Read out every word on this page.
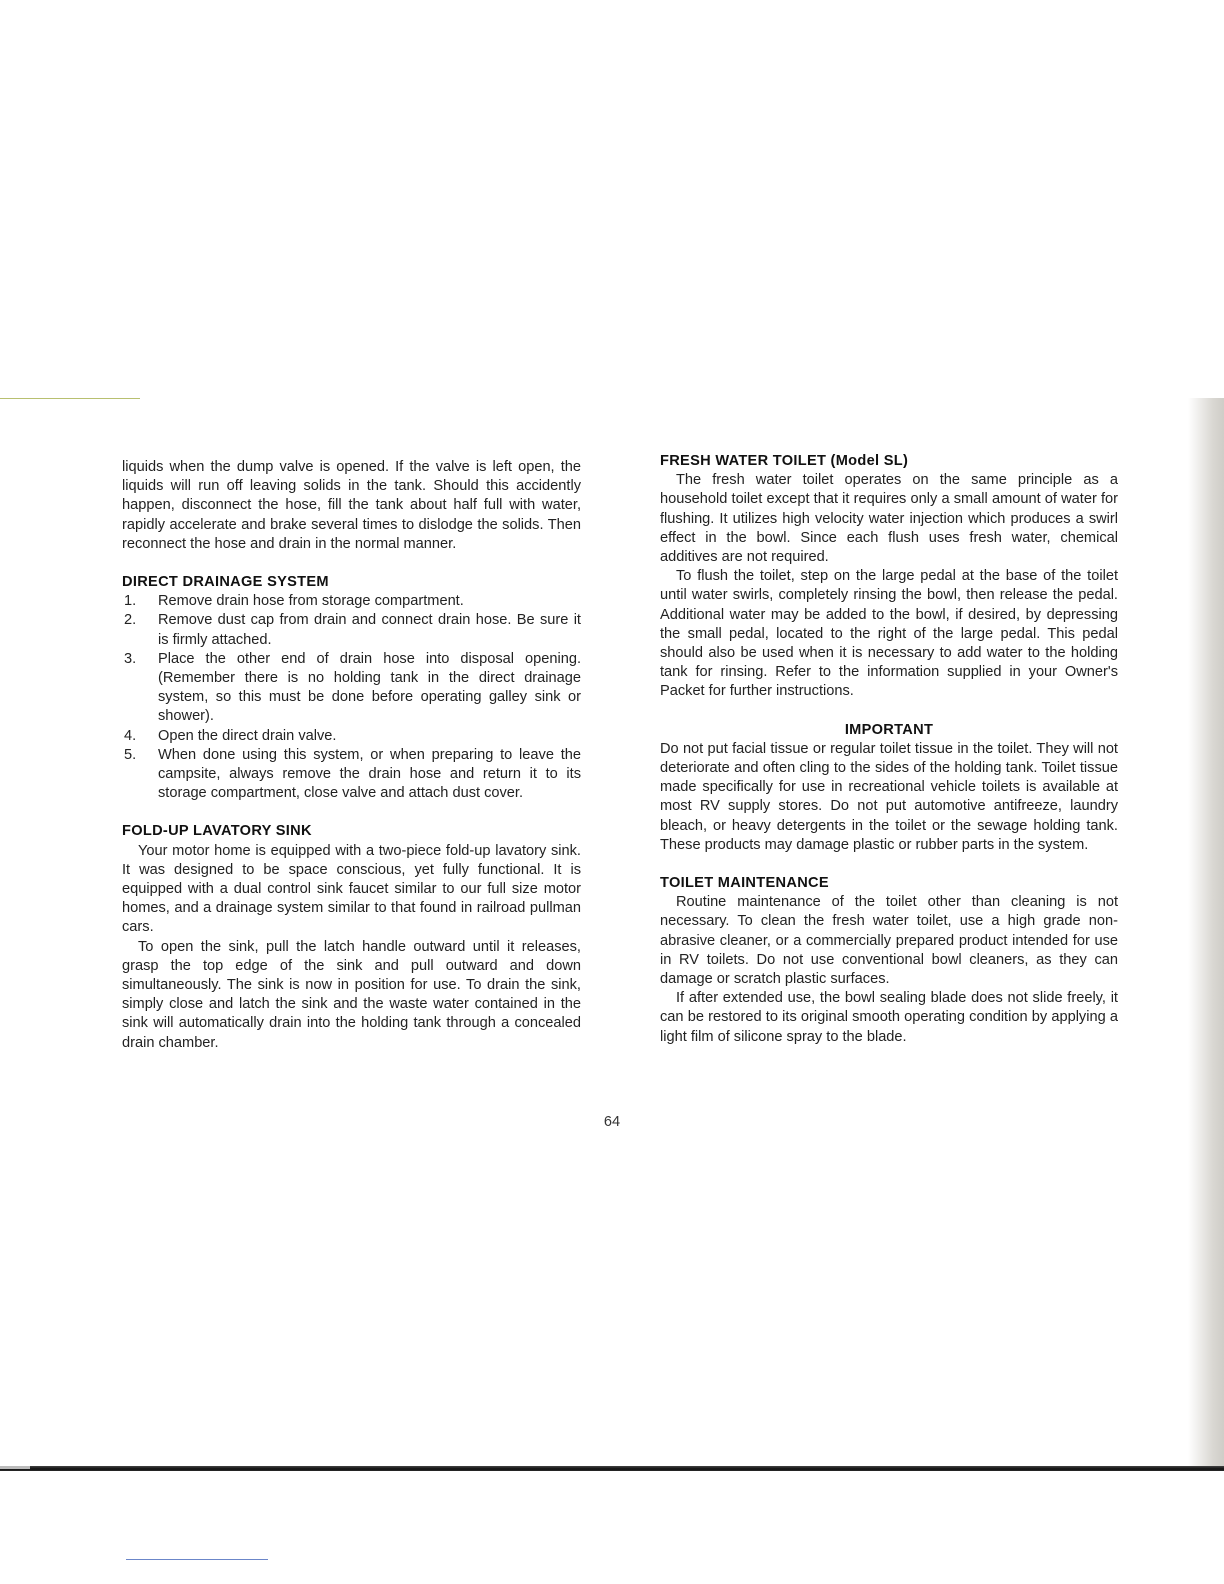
liquids when the dump valve is opened. If the valve is left open, the liquids will run off leaving solids in the tank. Should this accidently happen, disconnect the hose, fill the tank about half full with water, rapidly accelerate and brake several times to dislodge the solids. Then reconnect the hose and drain in the normal manner.

DIRECT DRAINAGE SYSTEM
1. Remove drain hose from storage compartment.
2. Remove dust cap from drain and connect drain hose. Be sure it is firmly attached.
3. Place the other end of drain hose into disposal opening. (Remember there is no holding tank in the direct drainage system, so this must be done before operating galley sink or shower).
4. Open the direct drain valve.
5. When done using this system, or when preparing to leave the campsite, always remove the drain hose and return it to its storage compartment, close valve and attach dust cover.
FOLD-UP LAVATORY SINK

Your motor home is equipped with a two-piece fold-up lavatory sink. It was designed to be space conscious, yet fully functional. It is equipped with a dual control sink faucet similar to our full size motor homes, and a drainage system similar to that found in railroad pullman cars.

To open the sink, pull the latch handle outward until it releases, grasp the top edge of the sink and pull outward and down simultaneously. The sink is now in position for use. To drain the sink, simply close and latch the sink and the waste water contained in the sink will automatically drain into the holding tank through a concealed drain chamber.

FRESH WATER TOILET (Model SL)

The fresh water toilet operates on the same principle as a household toilet except that it requires only a small amount of water for flushing. It utilizes high velocity water injection which produces a swirl effect in the bowl. Since each flush uses fresh water, chemical additives are not required.

To flush the toilet, step on the large pedal at the base of the toilet until water swirls, completely rinsing the bowl, then release the pedal. Additional water may be added to the bowl, if desired, by depressing the small pedal, located to the right of the large pedal. This pedal should also be used when it is necessary to add water to the holding tank for rinsing. Refer to the information supplied in your Owner's Packet for further instructions.

IMPORTANT

Do not put facial tissue or regular toilet tissue in the toilet. They will not deteriorate and often cling to the sides of the holding tank. Toilet tissue made specifically for use in recreational vehicle toilets is available at most RV supply stores. Do not put automotive antifreeze, laundry bleach, or heavy detergents in the toilet or the sewage holding tank. These products may damage plastic or rubber parts in the system.

TOILET MAINTENANCE

Routine maintenance of the toilet other than cleaning is not necessary. To clean the fresh water toilet, use a high grade non-abrasive cleaner, or a commercially prepared product intended for use in RV toilets. Do not use conventional bowl cleaners, as they can damage or scratch plastic surfaces.

If after extended use, the bowl sealing blade does not slide freely, it can be restored to its original smooth operating condition by applying a light film of silicone spray to the blade.

64
